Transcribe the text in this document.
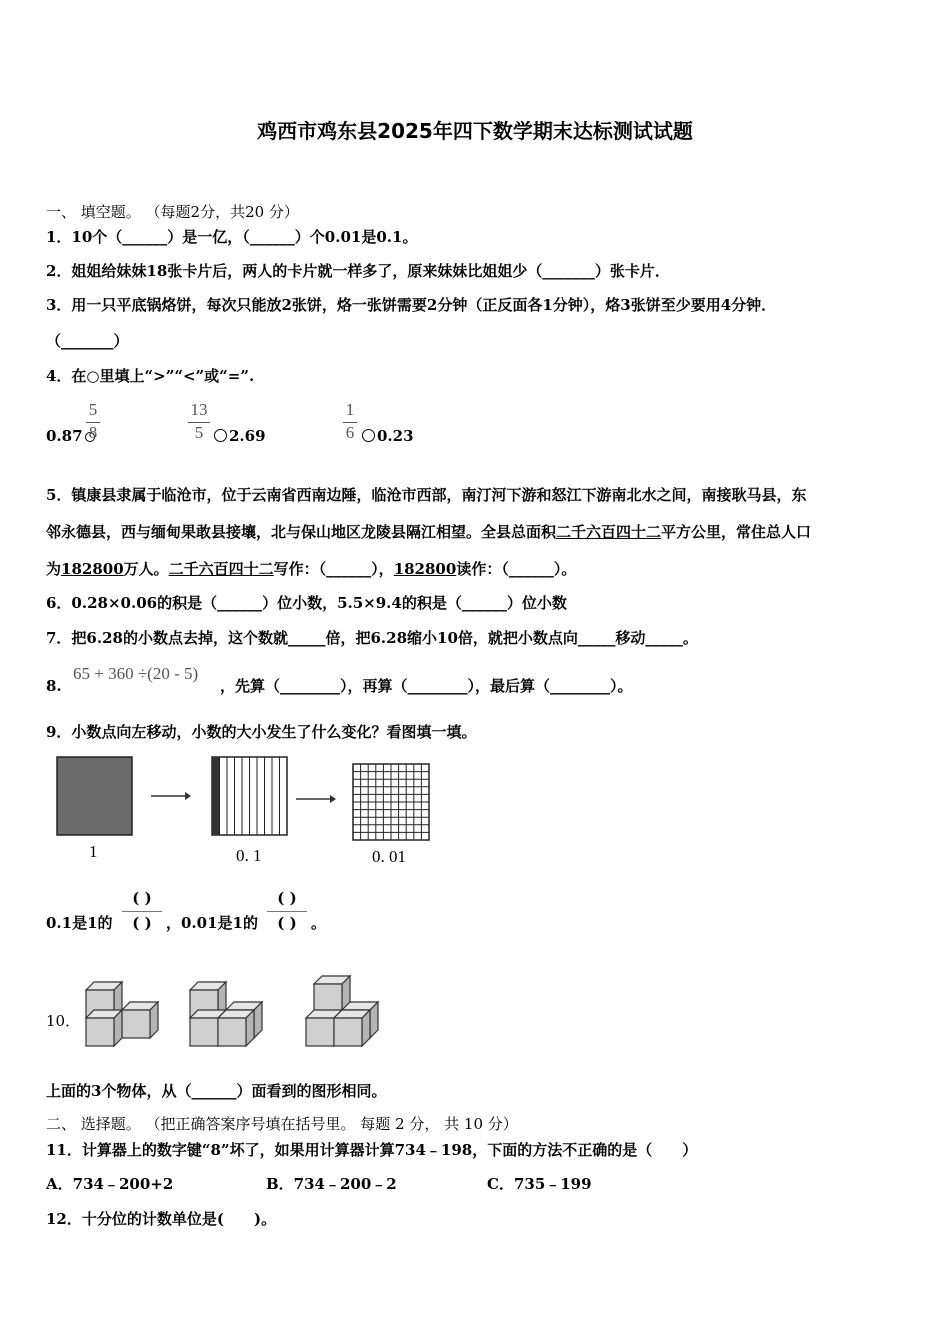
鸡西市鸡东县2025年四下数学期末达标测试试题
一、 填空题。 （每题2分，共20 分）
1．10个（______）是一亿，（______）个0.01是0.1。
2．姐姐给妹妹18张卡片后，两人的卡片就一样多了，原来妹妹比姐姐少（_______）张卡片．
3．用一只平底锅烙饼，每次只能放2张饼，烙一张饼需要2分钟（正反面各1分钟），烙3张饼至少要用4分钟．
（_______）
4．在○里填上“>”“<”或“=”.
0.87
5
8
13
5	2.69
1
6	0.23
5．镇康县隶属于临沧市，位于云南省西南边陲，临沧市西部，南汀河下游和怒江下游南北水之间，南接耿马县，东
邻永德县，西与缅甸果敢县接壤，北与保山地区龙陵县隔江相望。全县总面积二千六百四十二平方公里，常住总人口
为182800万人。二千六百四十二写作：（______），182800读作：（______）。
6．0.28×0.06的积是（______）位小数，5.5×9.4的积是（______）位小数
7．把6.28的小数点去掉，这个数就_____倍，把6.28缩小10倍，就把小数点向_____移动_____。
8.
65 + 360 ÷(20 - 5)
，先算（________），再算（________），最后算（________）。
9．小数点向左移动，小数的大小发生了什么变化？看图填一填。
1	0. 1	0. 01
0.1是1的
( )
( ) ，0.01是1的
( )
( ) 。
10．
上面的3个物体，从（______）面看到的图形相同。
二、 选择题。 （把正确答案序号填在括号里。 每题 2 分， 共 10 分）
11．计算器上的数字键“8”坏了，如果用计算器计算734﹣198，下面的方法不正确的是（　　）
A．734﹣200+2	B．734﹣200﹣2	C．735﹣199
12．十分位的计数单位是(　　)。
